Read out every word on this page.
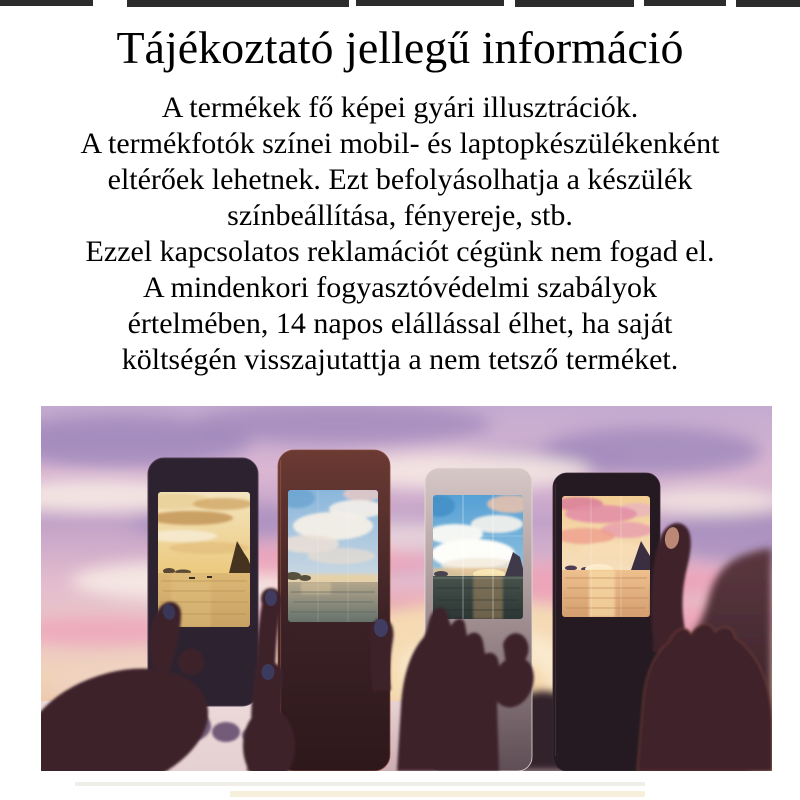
Tájékoztató jellegű információ
A termékek fő képei gyári illusztrációk.
A termékfotók színei mobil- és laptopkészülékenként
eltérőek lehetnek. Ezt befolyásolhatja a készülék
színbeállítása, fényereje, stb.
Ezzel kapcsolatos reklamációt cégünk nem fogad el.
A mindenkori fogyasztóvédelmi szabályok
értelmében, 14 napos elállással élhet, ha saját
költségén visszajutattja a nem tetsző terméket.
